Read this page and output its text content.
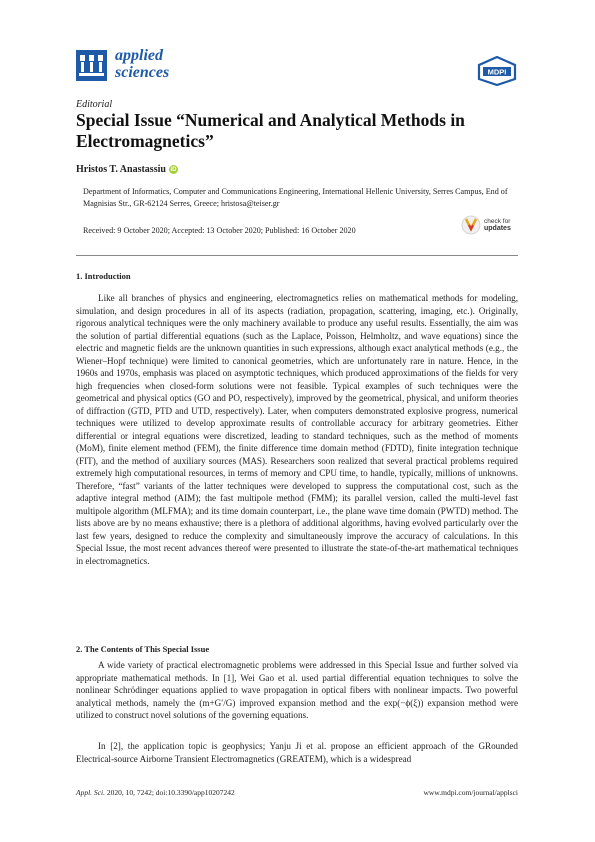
applied
sciences	MDPI
Editorial
Special Issue “Numerical and Analytical Methods in Electromagnetics”
Hristos T. Anastassiu iD
Department of Informatics, Computer and Communications Engineering, International Hellenic University, Serres Campus, End of Magnisias Str., GR-62124 Serres, Greece; hristosa@teiser.gr
Received: 9 October 2020; Accepted: 13 October 2020; Published: 16 October 2020
check for
updates
1. Introduction

Like all branches of physics and engineering, electromagnetics relies on mathematical methods for modeling, simulation, and design procedures in all of its aspects (radiation, propagation, scattering, imaging, etc.). Originally, rigorous analytical techniques were the only machinery available to produce any useful results. Essentially, the aim was the solution of partial differential equations (such as the Laplace, Poisson, Helmholtz, and wave equations) since the electric and magnetic fields are the unknown quantities in such expressions, although exact analytical methods (e.g., the Wiener–Hopf technique) were limited to canonical geometries, which are unfortunately rare in nature. Hence, in the 1960s and 1970s, emphasis was placed on asymptotic techniques, which produced approximations of the fields for very high frequencies when closed-form solutions were not feasible. Typical examples of such techniques were the geometrical and physical optics (GO and PO, respectively), improved by the geometrical, physical, and uniform theories of diffraction (GTD, PTD and UTD, respectively). Later, when computers demonstrated explosive progress, numerical techniques were utilized to develop approximate results of controllable accuracy for arbitrary geometries. Either differential or integral equations were discretized, leading to standard techniques, such as the method of moments (MoM), finite element method (FEM), the finite difference time domain method (FDTD), finite integration technique (FIT), and the method of auxiliary sources (MAS). Researchers soon realized that several practical problems required extremely high computational resources, in terms of memory and CPU time, to handle, typically, millions of unknowns. Therefore, “fast” variants of the latter techniques were developed to suppress the computational cost, such as the adaptive integral method (AIM); the fast multipole method (FMM); its parallel version, called the multi-level fast multipole algorithm (MLFMA); and its time domain counterpart, i.e., the plane wave time domain (PWTD) method. The lists above are by no means exhaustive; there is a plethora of additional algorithms, having evolved particularly over the last few years, designed to reduce the complexity and simultaneously improve the accuracy of calculations. In this Special Issue, the most recent advances thereof were presented to illustrate the state-of-the-art mathematical techniques in electromagnetics.

2. The Contents of This Special Issue

A wide variety of practical electromagnetic problems were addressed in this Special Issue and further solved via appropriate mathematical methods. In [1], Wei Gao et al. used partial differential equation techniques to solve the nonlinear Schrödinger equations applied to wave propagation in optical fibers with nonlinear impacts. Two powerful analytical methods, namely the (m+G′/G) improved expansion method and the exp(−ϕ(ξ)) expansion method were utilized to construct novel solutions of the governing equations.

In [2], the application topic is geophysics; Yanju Ji et al. propose an efficient approach of the GRounded Electrical-source Airborne Transient Electromagnetics (GREATEM), which is a widespread

Appl. Sci. 2020, 10, 7242; doi:10.3390/app10207242	www.mdpi.com/journal/applsci
